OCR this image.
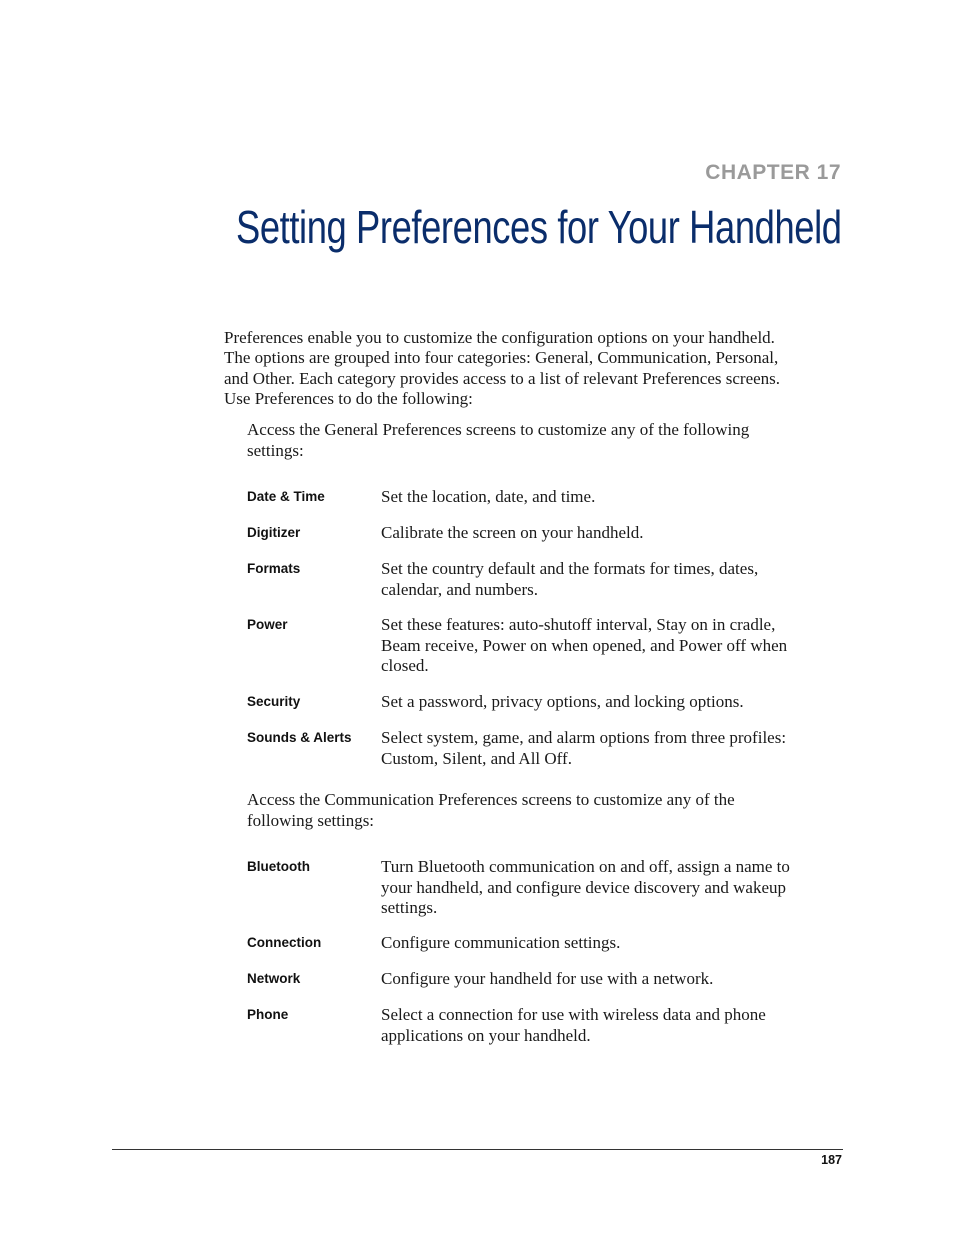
CHAPTER 17
Setting Preferences for Your Handheld

Preferences enable you to customize the configuration options on your handheld.

The options are grouped into four categories: General, Communication, Personal,

and Other. Each category provides access to a list of relevant Preferences screens.

Use Preferences to do the following:

Access the General Preferences screens to customize any of the following

settings:

Date & Time	Set the location, date, and time.

Digitizer	Calibrate the screen on your handheld.

Formats	Set the country default and the formats for times, dates,

calendar, and numbers.

Power	Set these features: auto-shutoff interval, Stay on in cradle,

Beam receive, Power on when opened, and Power off when

closed.

Security	Set a password, privacy options, and locking options.

Sounds & Alerts Select system, game, and alarm options from three profiles:

Custom, Silent, and All Off.

Access the Communication Preferences screens to customize any of the

following settings:

Bluetooth	Turn Bluetooth communication on and off, assign a name to

your handheld, and configure device discovery and wakeup

settings.

Connection	Configure communication settings.

Network	Configure your handheld for use with a network.

Phone	Select a connection for use with wireless data and phone

applications on your handheld.

187
